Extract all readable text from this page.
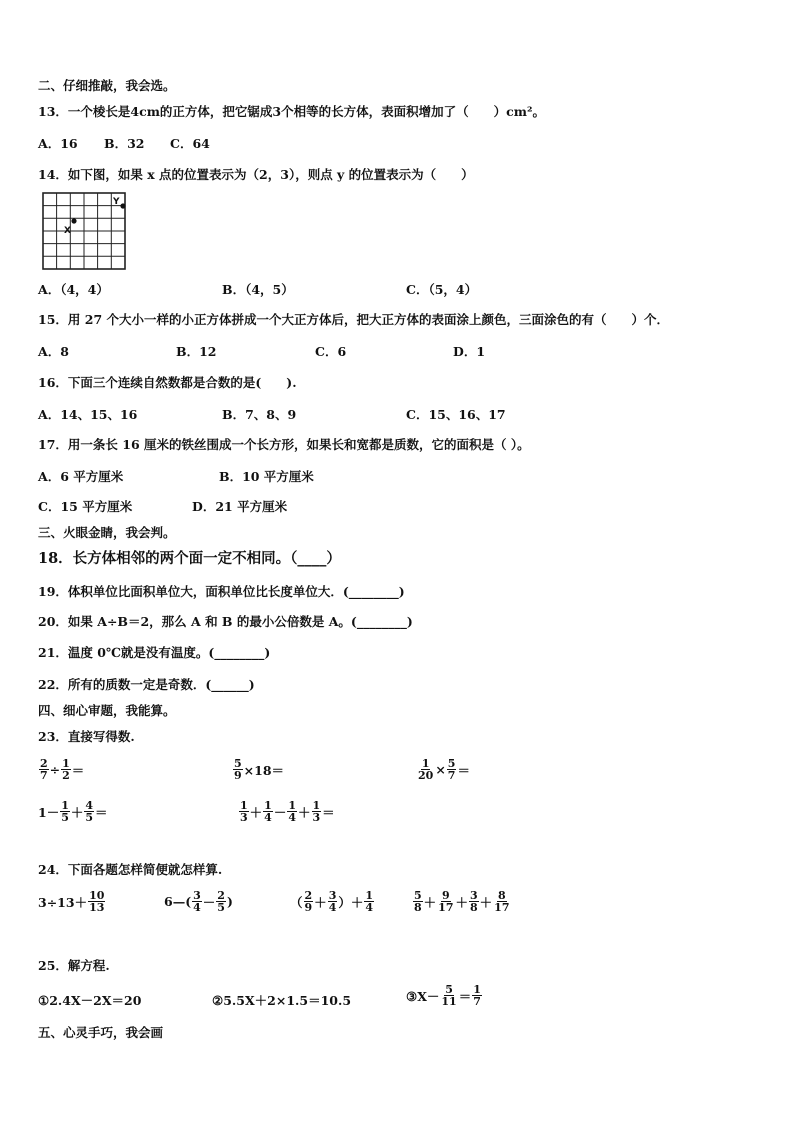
二、仔细推敲，我会选。
13．一个棱长是4cm的正方体，把它锯成3个相等的长方体，表面积增加了（　　）cm²。
A．16 B．32 C．64
14．如下图，如果 x 点的位置表示为（2，3），则点 y 的位置表示为（　　）
X
Y
A．（4，4）	B．（4，5）	C．（5，4）
15．用 27 个大小一样的小正方体拼成一个大正方体后，把大正方体的表面涂上颜色，三面涂色的有（　　）个．
A．8	B．12	C．6	D．1
16．下面三个连续自然数都是合数的是(　　).
A．14、15、16	B．7、8、9	C．15、16、17
17．用一条长 16 厘米的铁丝围成一个长方形，如果长和宽都是质数，它的面积是（ ）。
A．6 平方厘米	B．10 平方厘米
C．15 平方厘米	D．21 平方厘米
三、火眼金睛，我会判。
18．长方体相邻的两个面一定不相同。（____）
19．体积单位比面积单位大，面积单位比长度单位大．(________)
20．如果 A÷B＝2，那么 A 和 B 的最小公倍数是 A。(________)
21．温度 0℃就是没有温度。(________)
22．所有的质数一定是奇数．(______)
四、细心审题，我能算。
23．直接写得数.
$\frac{2}{7} \div \frac{1}{2}$ ＝	$\frac{5}{9} \times 18=$	$\frac{1}{20} \times \frac{5}{7}$ ＝
$1- \frac{1}{5} + \frac{4}{5}$ ＝	$\frac{1}{3} + \frac{1}{4} - \frac{1}{4} + \frac{1}{3}$ ＝
24．下面各题怎样简便就怎样算.
$3\div 13+ \frac{10}{13}$	6—( $\frac{3}{4} - \frac{2}{5}$ )	（ $\frac{2}{9} + \frac{3}{4}$ ）＋ $\frac{1}{4}$	$\frac{5}{8} + \frac{9}{17} + \frac{3}{8} + \frac{8}{17}$
25．解方程.
①2.4X－2X＝20	②5.5X＋2×1.5＝10.5	③X－ $\frac{5}{11} = \frac{1}{7}$
五、心灵手巧，我会画
